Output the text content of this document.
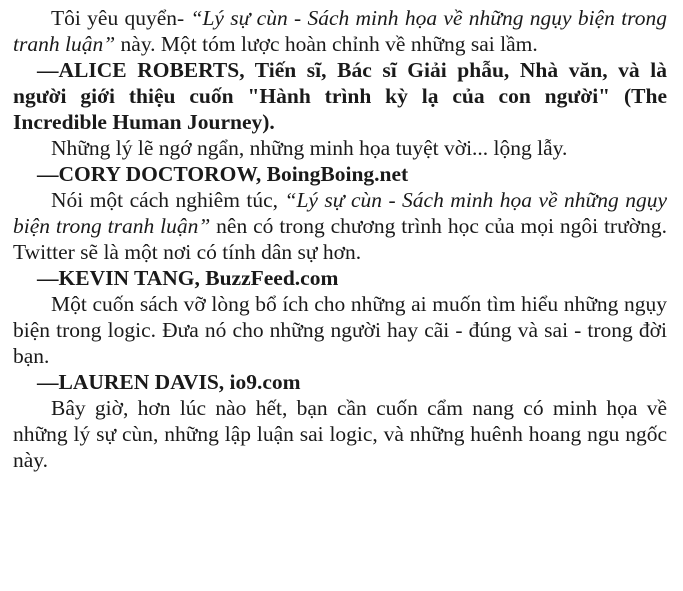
Tôi yêu quyển- “Lý sự cùn - Sách minh họa về những ngụy biện trong tranh luận” này. Một tóm lược hoàn chỉnh về những sai lầm.

—ALICE ROBERTS, Tiến sĩ, Bác sĩ Giải phẫu, Nhà văn, và là người giới thiệu cuốn "Hành trình kỳ lạ của con người" (The Incredible Human Journey).

Những lý lẽ ngớ ngẩn, những minh họa tuyệt vời... lộng lẫy.

—CORY DOCTOROW, BoingBoing.net

Nói một cách nghiêm túc, “Lý sự cùn - Sách minh họa về những ngụy biện trong tranh luận” nên có trong chương trình học của mọi ngôi trường. Twitter sẽ là một nơi có tính dân sự hơn.

—KEVIN TANG, BuzzFeed.com

Một cuốn sách vỡ lòng bổ ích cho những ai muốn tìm hiểu những ngụy biện trong logic. Đưa nó cho những người hay cãi - đúng và sai - trong đời bạn.

—LAUREN DAVIS, io9.com

Bây giờ, hơn lúc nào hết, bạn cần cuốn cẩm nang có minh họa về những lý sự cùn, những lập luận sai logic, và những huênh hoang ngu ngốc này.
